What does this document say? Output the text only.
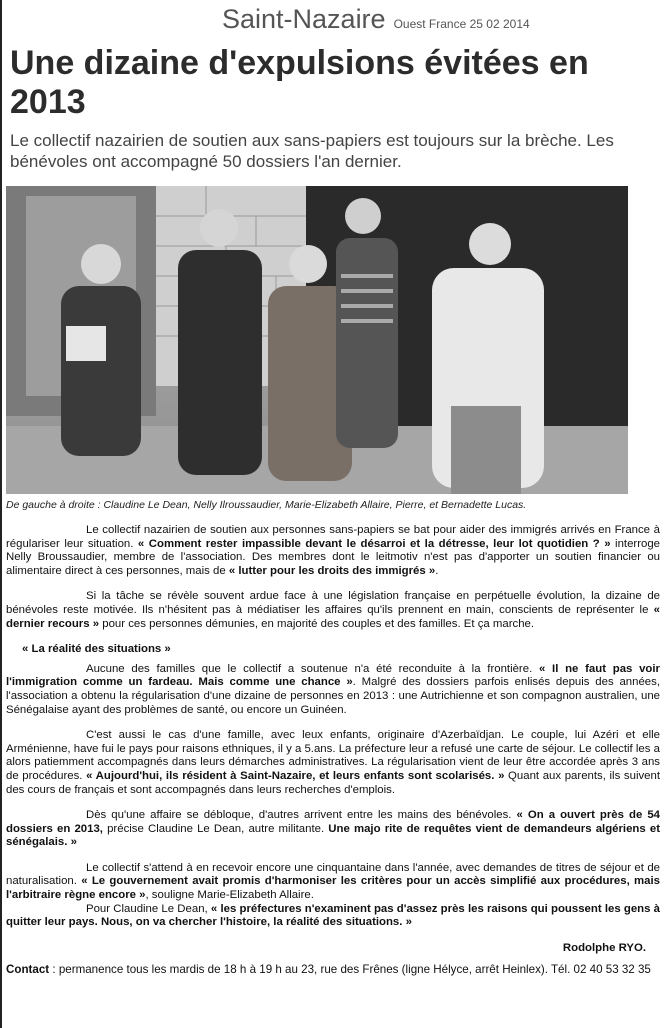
Saint-Nazaire Ouest France 25 02 2014
Une dizaine d'expulsions évitées en 2013

Le collectif nazairien de soutien aux sans-papiers est toujours sur la brèche. Les bénévoles ont accompagné 50 dossiers l'an dernier.

De gauche à droite : Claudine Le Dean, Nelly Ilroussaudier, Marie-Elizabeth Allaire, Pierre, et Bernadette Lucas.

Le collectif nazairien de soutien aux personnes sans-papiers se bat pour aider des immigrés arrivés en France à régulariser leur situation. « Comment rester impassible devant le désarroi et la détresse, leur lot quotidien ? » interroge Nelly Broussaudier, membre de l'association. Des membres dont le leitmotiv n'est pas d'apporter un soutien financier ou alimentaire direct à ces personnes, mais de « lutter pour les droits des immigrés ».

Si la tâche se révèle souvent ardue face à une législation française en perpétuelle évolution, la dizaine de bénévoles reste motivée. Ils n'hésitent pas à médiatiser les affaires qu'ils prennent en main, conscients de représenter le « dernier recours » pour ces personnes démunies, en majorité des couples et des familles. Et ça marche.

« La réalité des situations »

Aucune des familles que le collectif a soutenue n'a été reconduite à la frontière. « Il ne faut pas voir l'immigration comme un fardeau. Mais comme une chance ». Malgré des dossiers parfois enlisés depuis des années, l'association a obtenu la régularisation d'une dizaine de personnes en 2013 : une Autrichienne et son compagnon australien, une Sénégalaise ayant des problèmes de santé, ou encore un Guinéen.

C'est aussi le cas d'une famille, avec leux enfants, originaire d'Azerbaïdjan. Le couple, lui Azéri et elle Arménienne, have fui le pays pour raisons ethniques, il y a 5.ans. La préfecture leur a refusé une carte de séjour. Le collectif les a alors patiemment accompagnés dans leurs démarches administratives. La régularisation vient de leur être accordée après 3 ans de procédures. « Aujourd'hui, ils résident à Saint-Nazaire, et leurs enfants sont scolarisés. » Quant aux parents, ils suivent des cours de français et sont accompagnés dans leurs recherches d'emplois.

Dès qu'une affaire se débloque, d'autres arrivent entre les mains des bénévoles. « On a ouvert près de 54 dossiers en 2013, précise Claudine Le Dean, autre militante. Une majo rite de requêtes vient de demandeurs algériens et sénégalais. »

Le collectif s'attend à en recevoir encore une cinquantaine dans l'année, avec demandes de titres de séjour et de naturalisation. « Le gouvernement avait promis d'harmoniser les critères pour un accès simplifié aux procédures, mais l'arbitraire règne encore », souligne Marie-Elizabeth Allaire.

Pour Claudine Le Dean, « les préfectures n'examinent pas d'assez près les raisons qui poussent les gens à quitter leur pays. Nous, on va chercher l'histoire, la réalité des situations. »

Rodolphe RYO.
Contact : permanence tous les mardis de 18 h à 19 h au 23, rue des Frênes (ligne Hélyce, arrêt Heinlex). Tél. 02 40 53 32 35
